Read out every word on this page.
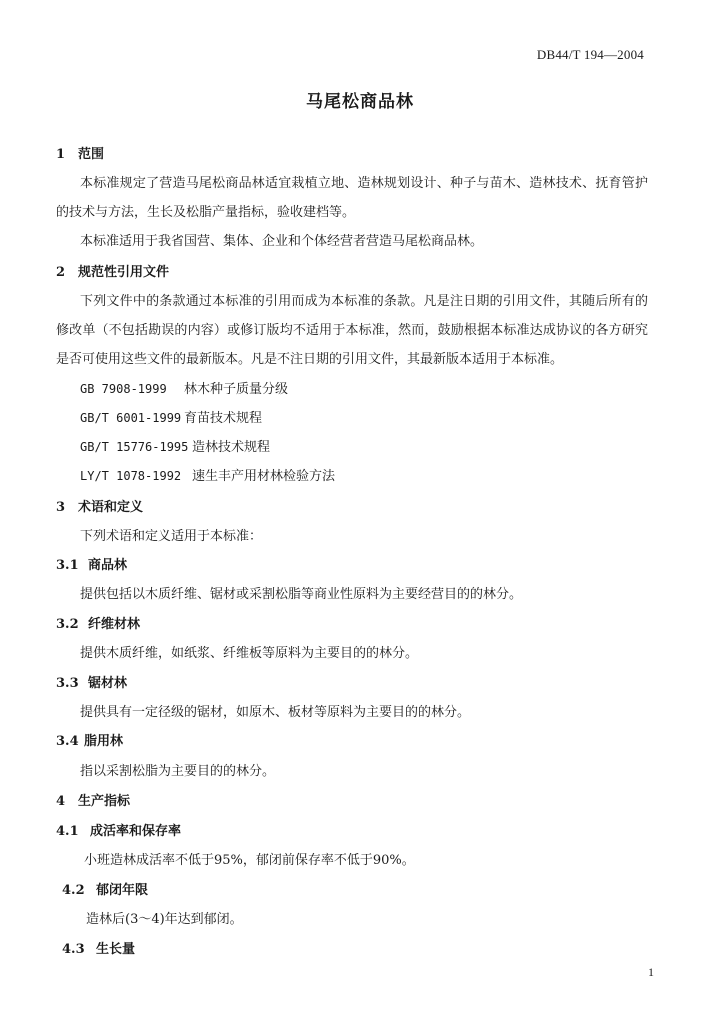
DB44/T 194—2004
马尾松商品林
1 范围
本标准规定了营造马尾松商品林适宜栽植立地、造林规划设计、种子与苗木、造林技术、抚育管护
的技术与方法，生长及松脂产量指标，验收建档等。
本标准适用于我省国营、集体、企业和个体经营者营造马尾松商品林。
2 规范性引用文件
下列文件中的条款通过本标准的引用而成为本标准的条款。凡是注日期的引用文件，其随后所有的
修改单（不包括勘误的内容）或修订版均不适用于本标准，然而，鼓励根据本标准达成协议的各方研究
是否可使用这些文件的最新版本。凡是不注日期的引用文件，其最新版本适用于本标准。
GB 7908-1999 林木种子质量分级
GB/T 6001-1999 育苗技术规程
GB/T 15776-1995 造林技术规程
LY/T 1078-1992 速生丰产用材林检验方法
3 术语和定义
下列术语和定义适用于本标准：
3.1 商品林
提供包括以木质纤维、锯材或采割松脂等商业性原料为主要经营目的的林分。
3.2 纤维材林
提供木质纤维，如纸浆、纤维板等原料为主要目的的林分。
3.3 锯材林
提供具有一定径级的锯材，如原木、板材等原料为主要目的的林分。
3.4 脂用林
指以采割松脂为主要目的的林分。
4 生产指标
4.1 成活率和保存率
小班造林成活率不低于95%，郁闭前保存率不低于90%。
4.2 郁闭年限
造林后(3～4)年达到郁闭。
4.3 生长量
1
